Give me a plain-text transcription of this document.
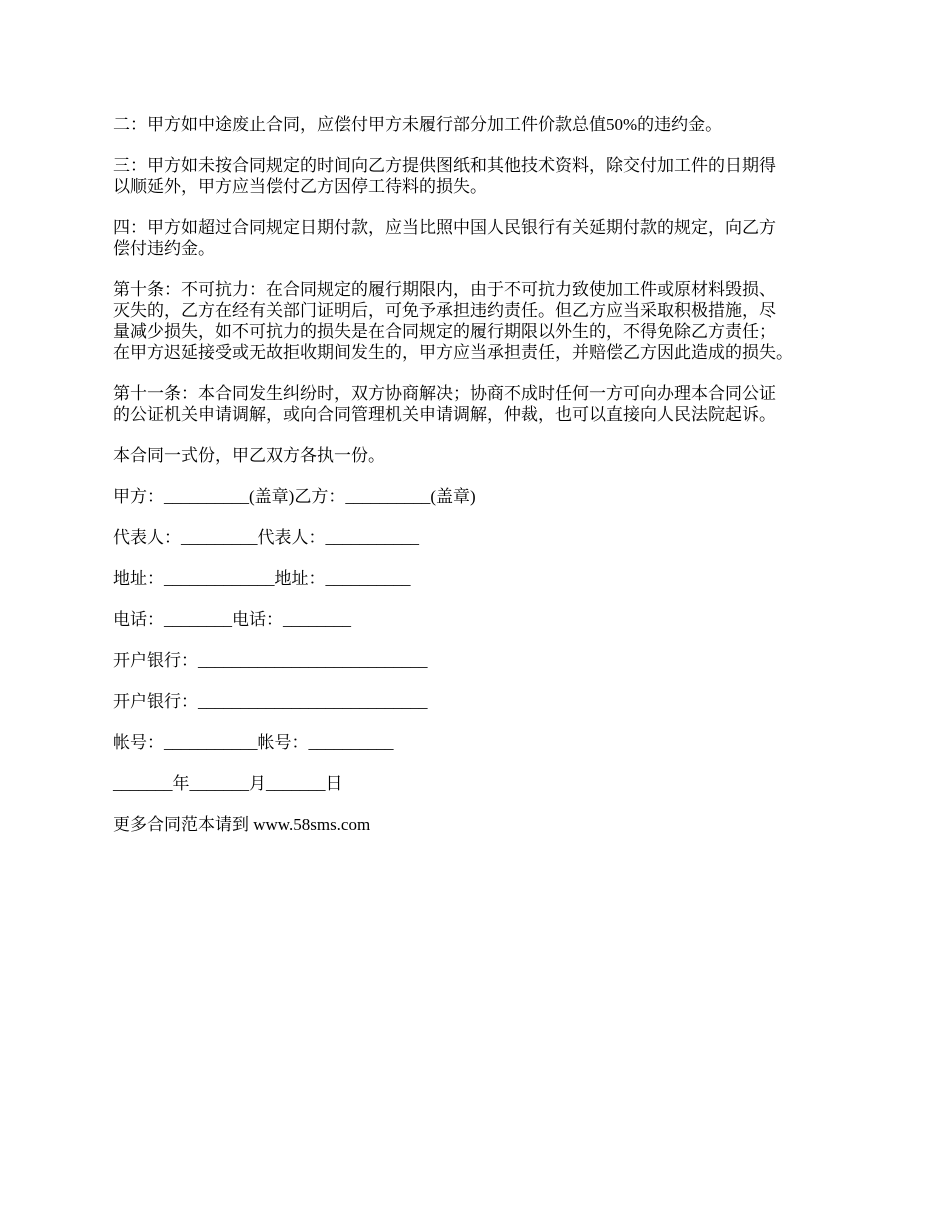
二：甲方如中途废止合同，应偿付甲方未履行部分加工件价款总值50%的违约金。
三：甲方如未按合同规定的时间向乙方提供图纸和其他技术资料，除交付加工件的日期得
以顺延外，甲方应当偿付乙方因停工待料的损失。
四：甲方如超过合同规定日期付款，应当比照中国人民银行有关延期付款的规定，向乙方
偿付违约金。
第十条：不可抗力：在合同规定的履行期限内，由于不可抗力致使加工件或原材料毁损、
灭失的，乙方在经有关部门证明后，可免予承担违约责任。但乙方应当采取积极措施，尽
量减少损失，如不可抗力的损失是在合同规定的履行期限以外生的，不得免除乙方责任；
在甲方迟延接受或无故拒收期间发生的，甲方应当承担责任，并赔偿乙方因此造成的损失。
第十一条：本合同发生纠纷时，双方协商解决；协商不成时任何一方可向办理本合同公证
的公证机关申请调解，或向合同管理机关申请调解，仲裁，也可以直接向人民法院起诉。
本合同一式份，甲乙双方各执一份。
甲方：__________(盖章)乙方：__________(盖章)
代表人：_________代表人：___________
地址：_____________地址：__________
电话：________电话：________
开户银行：___________________________
开户银行：___________________________
帐号：___________帐号：__________
_______年_______月_______日
更多合同范本请到 www.58sms.com
